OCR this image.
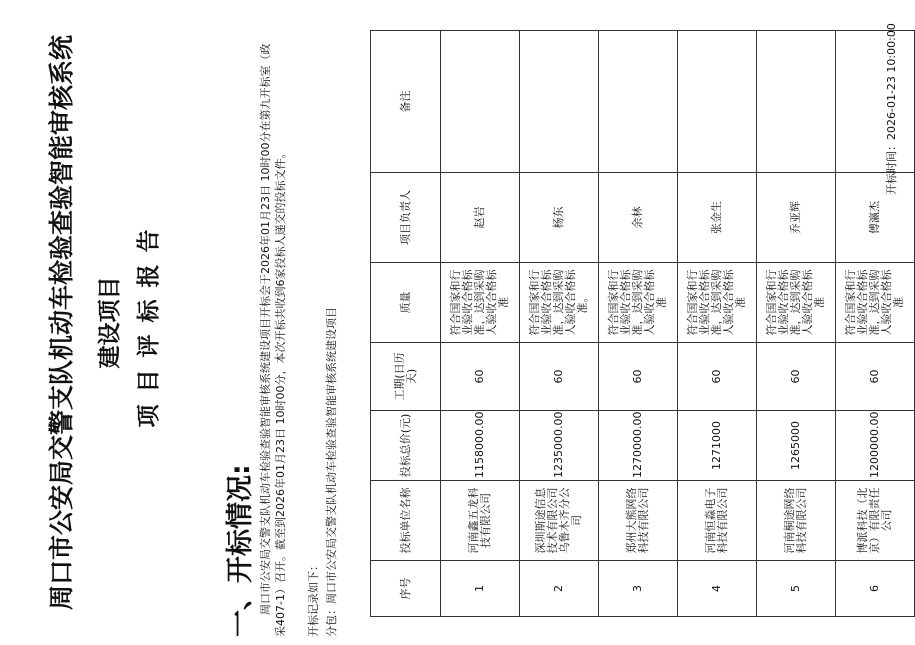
周口市公安局交警支队机动车检验查验智能审核系统 建设项目 项目评标报告
一、开标情况: 周口市公安局交警支队机动车检验查验智能审核系统建设项目开标会于2026年01月23日 10时00分在第九开标室（政采407-1）召开。截至到2026年01月23日 10时00分，本次开标共收到6家投标人递交的投标文件。 开标记录如下： 分包：周口市公安局交警支队机动车检验查验智能审核系统建设项目	序号	投标单位名称	投标总价(元)	工期(日历天)	质量	项目负责人	备注
1	河南鑫五龙科技有限公司	1158000.00	60	符合国家和行业验收合格标准，达到采购人验收合格标准	赵岩	
2	深圳斯途信息技术有限公司乌鲁木齐分公司	1235000.00	60	符合国家和行业验收合格标准，达到采购人验收合格标准。	杨东	
3	郑州大熊网络科技有限公司	1270000.00	60	符合国家和行业验收合格标准，达到采购人验收合格标准	余林	
4	河南恒淼电子科技有限公司	1271000	60	符合国家和行业验收合格标准，达到采购人验收合格标准	张金生	
5	河南桐途网络科技有限公司	1265000	60	符合国家和行业验收合格标准，达到采购人验收合格标准	乔亚辉	
6	博派科技（北京）有限责任公司	1200000.00	60	符合国家和行业验收合格标准，达到采购人验收合格标准	傅瀛杰	
开标时间：2026-01-23 10:00:00
